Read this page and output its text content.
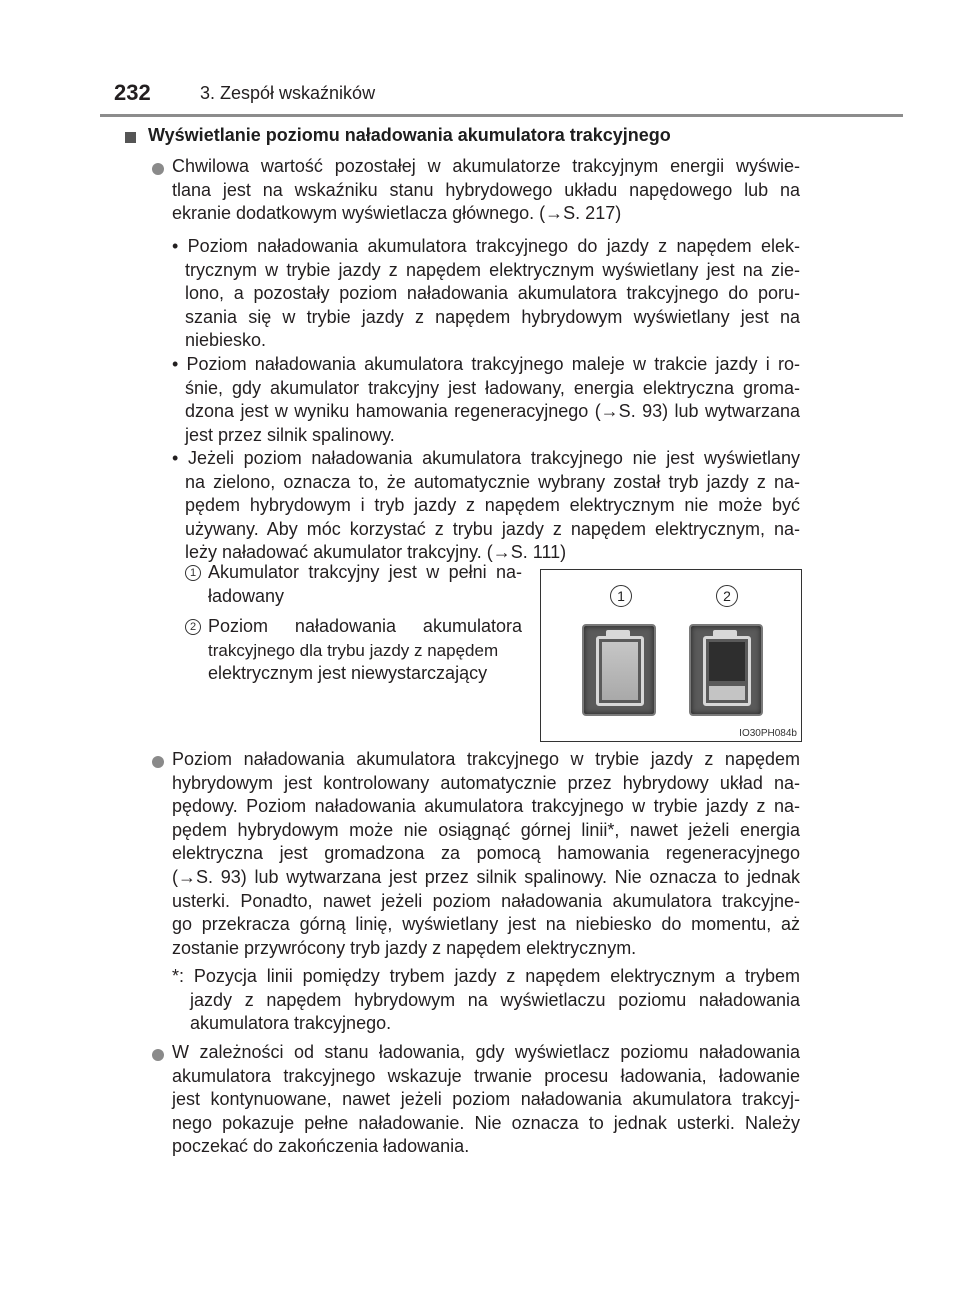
232	3. Zespół wskaźników
Wyświetlanie poziomu naładowania akumulatora trakcyjnego
Chwilowa wartość pozostałej w akumulatorze trakcyjnym energii wyświe-
tlana jest na wskaźniku stanu hybrydowego układu napędowego lub na
ekranie dodatkowym wyświetlacza głównego. (→S. 217)
• Poziom naładowania akumulatora trakcyjnego do jazdy z napędem elek-
trycznym w trybie jazdy z napędem elektrycznym wyświetlany jest na zie-
lono, a pozostały poziom naładowania akumulatora trakcyjnego do poru-
szania się w trybie jazdy z napędem hybrydowym wyświetlany jest na
niebiesko.
• Poziom naładowania akumulatora trakcyjnego maleje w trakcie jazdy i ro-
śnie, gdy akumulator trakcyjny jest ładowany, energia elektryczna groma-
dzona jest w wyniku hamowania regeneracyjnego (→S. 93) lub wytwarzana
jest przez silnik spalinowy.
• Jeżeli poziom naładowania akumulatora trakcyjnego nie jest wyświetlany
na zielono, oznacza to, że automatycznie wybrany został tryb jazdy z na-
pędem hybrydowym i tryb jazdy z napędem elektrycznym nie może być
używany. Aby móc korzystać z trybu jazdy z napędem elektrycznym, na-
leży naładować akumulator trakcyjny. (→S. 111)
1 Akumulator trakcyjny jest w pełni na-
ładowany
2 Poziom naładowania akumulatora
trakcyjnego dla trybu jazdy z napędem
elektrycznym jest niewystarczający
1	2
IO30PH084b
Poziom naładowania akumulatora trakcyjnego w trybie jazdy z napędem
hybrydowym jest kontrolowany automatycznie przez hybrydowy układ na-
pędowy. Poziom naładowania akumulatora trakcyjnego w trybie jazdy z na-
pędem hybrydowym może nie osiągnąć górnej linii*, nawet jeżeli energia
elektryczna jest gromadzona za pomocą hamowania regeneracyjnego
(→S. 93) lub wytwarzana jest przez silnik spalinowy. Nie oznacza to jednak
usterki. Ponadto, nawet jeżeli poziom naładowania akumulatora trakcyjne-
go przekracza górną linię, wyświetlany jest na niebiesko do momentu, aż
zostanie przywrócony tryb jazdy z napędem elektrycznym.
*: Pozycja linii pomiędzy trybem jazdy z napędem elektrycznym a trybem
jazdy z napędem hybrydowym na wyświetlaczu poziomu naładowania
akumulatora trakcyjnego.
W zależności od stanu ładowania, gdy wyświetlacz poziomu naładowania
akumulatora trakcyjnego wskazuje trwanie procesu ładowania, ładowanie
jest kontynuowane, nawet jeżeli poziom naładowania akumulatora trakcyj-
nego pokazuje pełne naładowanie. Nie oznacza to jednak usterki. Należy
poczekać do zakończenia ładowania.
